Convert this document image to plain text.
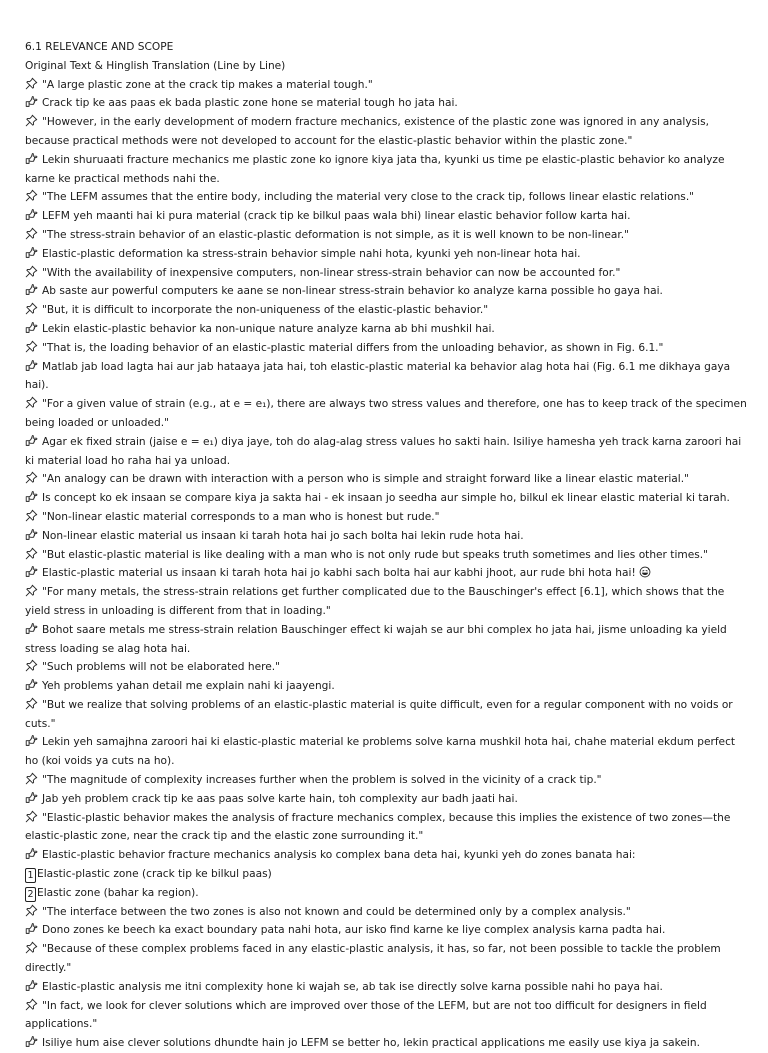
6.1 RELEVANCE AND SCOPE

Original Text & Hinglish Translation (Line by Line)

"A large plastic zone at the crack tip makes a material tough."

Crack tip ke aas paas ek bada plastic zone hone se material tough ho jata hai.

"However, in the early development of modern fracture mechanics, existence of the plastic zone was ignored in any analysis, because practical methods were not developed to account for the elastic-plastic behavior within the plastic zone."

Lekin shuruaati fracture mechanics me plastic zone ko ignore kiya jata tha, kyunki us time pe elastic-plastic behavior ko analyze karne ke practical methods nahi the.

"The LEFM assumes that the entire body, including the material very close to the crack tip, follows linear elastic relations."

LEFM yeh maanti hai ki pura material (crack tip ke bilkul paas wala bhi) linear elastic behavior follow karta hai.

"The stress-strain behavior of an elastic-plastic deformation is not simple, as it is well known to be non-linear."

Elastic-plastic deformation ka stress-strain behavior simple nahi hota, kyunki yeh non-linear hota hai.

"With the availability of inexpensive computers, non-linear stress-strain behavior can now be accounted for."

Ab saste aur powerful computers ke aane se non-linear stress-strain behavior ko analyze karna possible ho gaya hai.

"But, it is difficult to incorporate the non-uniqueness of the elastic-plastic behavior."

Lekin elastic-plastic behavior ka non-unique nature analyze karna ab bhi mushkil hai.

"That is, the loading behavior of an elastic-plastic material differs from the unloading behavior, as shown in Fig. 6.1."

Matlab jab load lagta hai aur jab hataaya jata hai, toh elastic-plastic material ka behavior alag hota hai (Fig. 6.1 me dikhaya gaya hai).

"For a given value of strain (e.g., at e = e₁), there are always two stress values and therefore, one has to keep track of the specimen being loaded or unloaded."

Agar ek fixed strain (jaise e = e₁) diya jaye, toh do alag-alag stress values ho sakti hain. Isiliye hamesha yeh track karna zaroori hai ki material load ho raha hai ya unload.

"An analogy can be drawn with interaction with a person who is simple and straight forward like a linear elastic material."

Is concept ko ek insaan se compare kiya ja sakta hai - ek insaan jo seedha aur simple ho, bilkul ek linear elastic material ki tarah.

"Non-linear elastic material corresponds to a man who is honest but rude."

Non-linear elastic material us insaan ki tarah hota hai jo sach bolta hai lekin rude hota hai.

"But elastic-plastic material is like dealing with a man who is not only rude but speaks truth sometimes and lies other times."

Elastic-plastic material us insaan ki tarah hota hai jo kabhi sach bolta hai aur kabhi jhoot, aur rude bhi hota hai!

"For many metals, the stress-strain relations get further complicated due to the Bauschinger's effect [6.1], which shows that the yield stress in unloading is different from that in loading."

Bohot saare metals me stress-strain relation Bauschinger effect ki wajah se aur bhi complex ho jata hai, jisme unloading ka yield stress loading se alag hota hai.

"Such problems will not be elaborated here."

Yeh problems yahan detail me explain nahi ki jaayengi.

"But we realize that solving problems of an elastic-plastic material is quite difficult, even for a regular component with no voids or cuts."

Lekin yeh samajhna zaroori hai ki elastic-plastic material ke problems solve karna mushkil hota hai, chahe material ekdum perfect ho (koi voids ya cuts na ho).

"The magnitude of complexity increases further when the problem is solved in the vicinity of a crack tip."

Jab yeh problem crack tip ke aas paas solve karte hain, toh complexity aur badh jaati hai.

"Elastic-plastic behavior makes the analysis of fracture mechanics complex, because this implies the existence of two zones—the elastic-plastic zone, near the crack tip and the elastic zone surrounding it."

Elastic-plastic behavior fracture mechanics analysis ko complex bana deta hai, kyunki yeh do zones banata hai:

1 Elastic-plastic zone (crack tip ke bilkul paas)

2 Elastic zone (bahar ka region).

"The interface between the two zones is also not known and could be determined only by a complex analysis."

Dono zones ke beech ka exact boundary pata nahi hota, aur isko find karne ke liye complex analysis karna padta hai.

"Because of these complex problems faced in any elastic-plastic analysis, it has, so far, not been possible to tackle the problem directly."

Elastic-plastic analysis me itni complexity hone ki wajah se, ab tak ise directly solve karna possible nahi ho paya hai.

"In fact, we look for clever solutions which are improved over those of the LEFM, but are not too difficult for designers in field applications."

Isiliye hum aise clever solutions dhundte hain jo LEFM se better ho, lekin practical applications me easily use kiya ja sakein.
